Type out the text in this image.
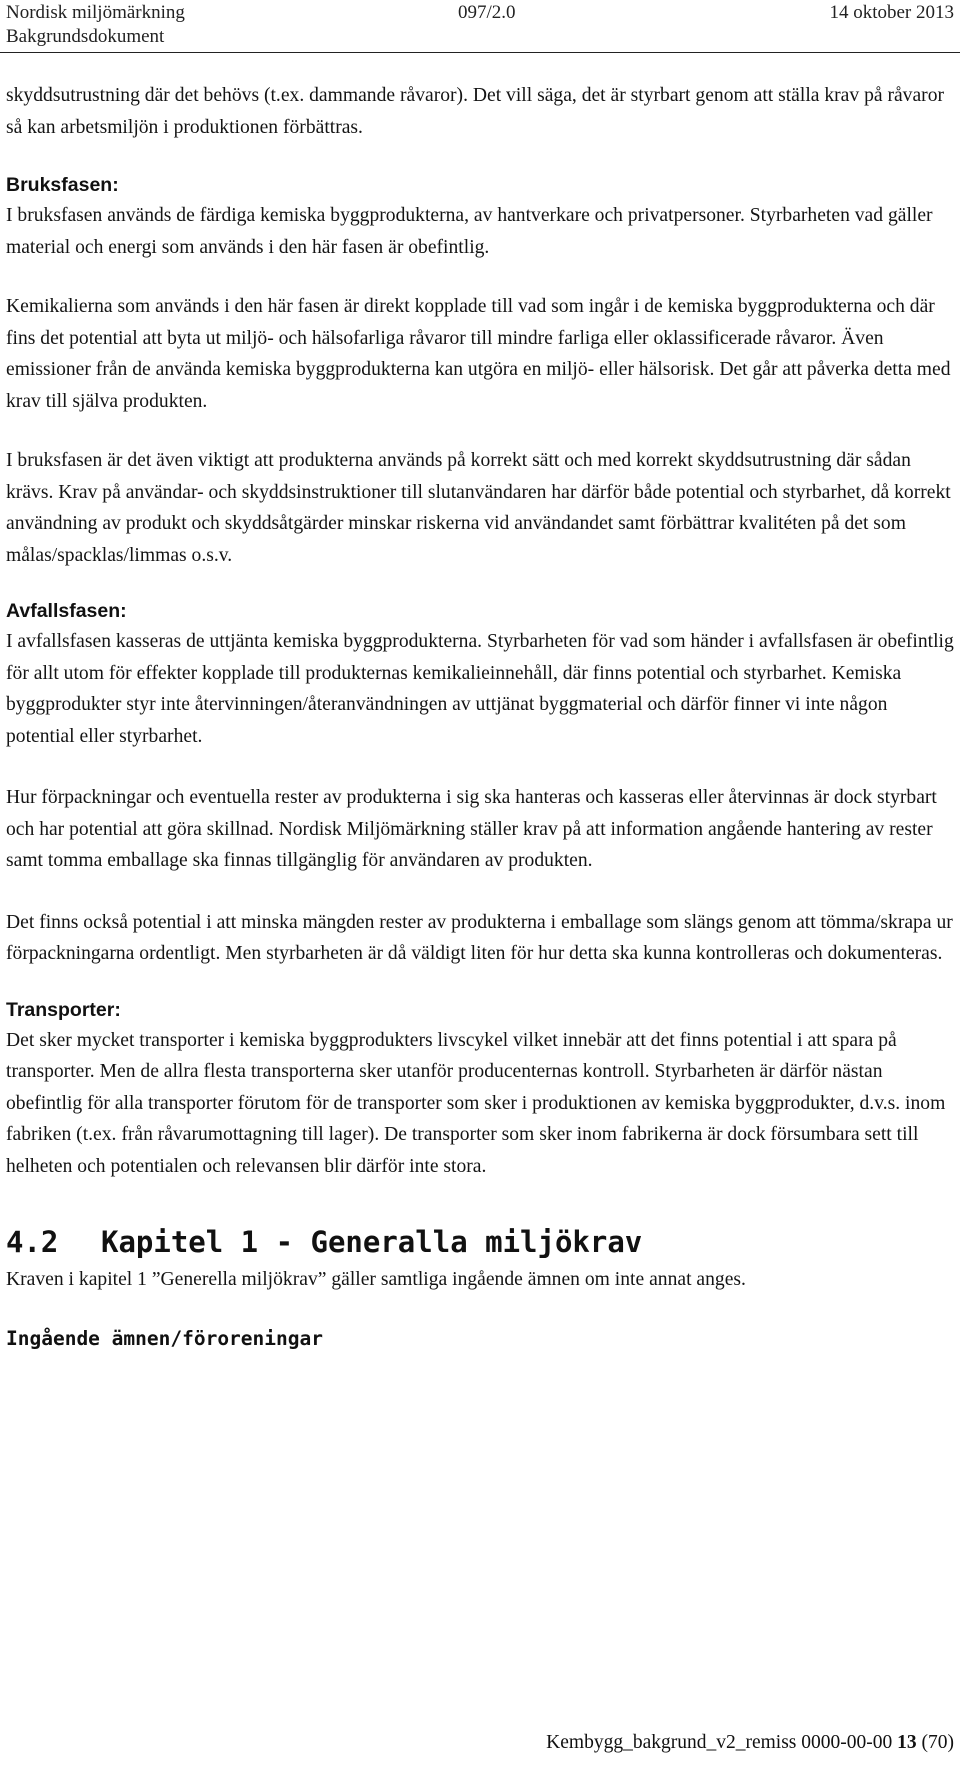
Nordisk miljömärkning
Bakgrundsdokument
097/2.0	14 oktober 2013

skyddsutrustning där det behövs (t.ex. dammande råvaror). Det vill säga, det är styrbart genom att ställa krav på råvaror så kan arbetsmiljön i produktionen förbättras.

Bruksfasen:

I bruksfasen används de färdiga kemiska byggprodukterna, av hantverkare och privatpersoner. Styrbarheten vad gäller material och energi som används i den här fasen är obefintlig.

Kemikalierna som används i den här fasen är direkt kopplade till vad som ingår i de kemiska byggprodukterna och där fins det potential att byta ut miljö- och hälsofarliga råvaror till mindre farliga eller oklassificerade råvaror. Även emissioner från de använda kemiska byggprodukterna kan utgöra en miljö- eller hälsorisk. Det går att påverka detta med krav till själva produkten.

I bruksfasen är det även viktigt att produkterna används på korrekt sätt och med korrekt skyddsutrustning där sådan krävs. Krav på användar- och skyddsinstruktioner till slutanvändaren har därför både potential och styrbarhet, då korrekt användning av produkt och skyddsåtgärder minskar riskerna vid användandet samt förbättrar kvalitéten på det som målas/spacklas/limmas o.s.v.

Avfallsfasen:

I avfallsfasen kasseras de uttjänta kemiska byggprodukterna. Styrbarheten för vad som händer i avfallsfasen är obefintlig för allt utom för effekter kopplade till produkternas kemikalieinnehåll, där finns potential och styrbarhet. Kemiska byggprodukter styr inte återvinningen/återanvändningen av uttjänat byggmaterial och därför finner vi inte någon potential eller styrbarhet.

Hur förpackningar och eventuella rester av produkterna i sig ska hanteras och kasseras eller återvinnas är dock styrbart och har potential att göra skillnad. Nordisk Miljömärkning ställer krav på att information angående hantering av rester samt tomma emballage ska finnas tillgänglig för användaren av produkten.

Det finns också potential i att minska mängden rester av produkterna i emballage som slängs genom att tömma/skrapa ur förpackningarna ordentligt. Men styrbarheten är då väldigt liten för hur detta ska kunna kontrolleras och dokumenteras.

Transporter:

Det sker mycket transporter i kemiska byggprodukters livscykel vilket innebär att det finns potential i att spara på transporter. Men de allra flesta transporterna sker utanför producenternas kontroll. Styrbarheten är därför nästan obefintlig för alla transporter förutom för de transporter som sker i produktionen av kemiska byggprodukter, d.v.s. inom fabriken (t.ex. från råvarumottagning till lager). De transporter som sker inom fabrikerna är dock försumbara sett till helheten och potentialen och relevansen blir därför inte stora.

4.2 Kapitel 1 - Generalla miljökrav

Kraven i kapitel 1 ”Generella miljökrav” gäller samtliga ingående ämnen om inte annat anges.

Ingående ämnen/föroreningar
Kembygg_bakgrund_v2_remiss 0000-00-00 13 (70)
